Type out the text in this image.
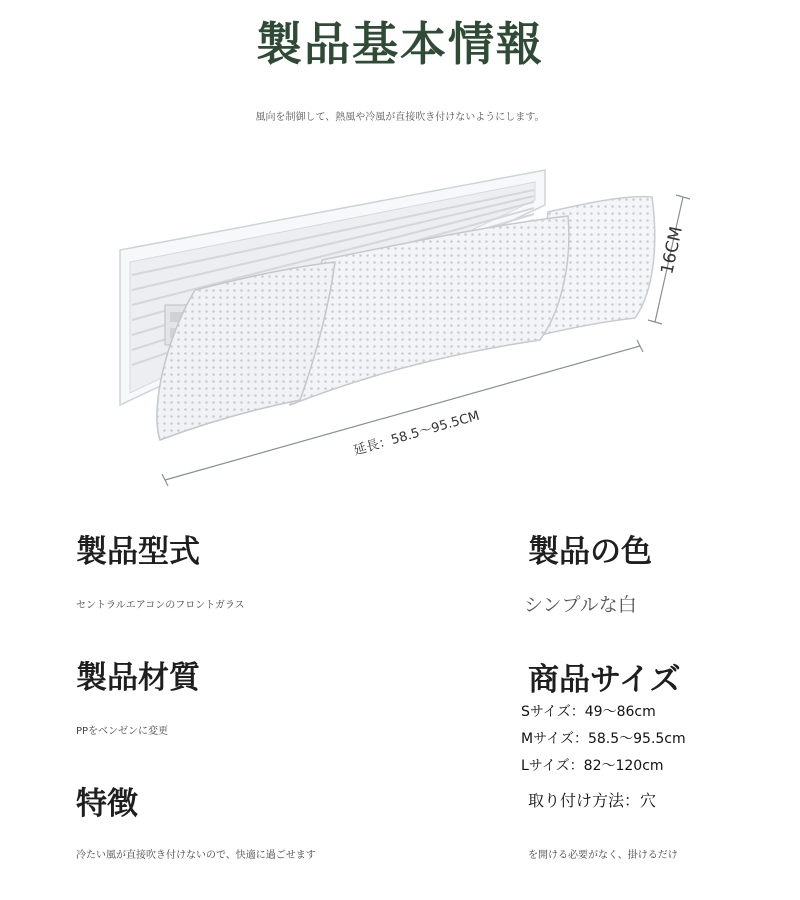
製品基本情報
風向を制御して、熱風や冷風が直接吹き付けないようにします。
16CM
延長：58.5～95.5CM
製品型式
セントラルエアコンのフロントガラス
製品材質
PPをベンゼンに変更
特徴
冷たい風が直接吹き付けないので、快適に過ごせます
製品の色
シンプルな白
商品サイズ
Sサイズ：49～86cm
Mサイズ：58.5～95.5cm
Lサイズ：82～120cm
取り付け方法：穴
を開ける必要がなく、掛けるだけ
